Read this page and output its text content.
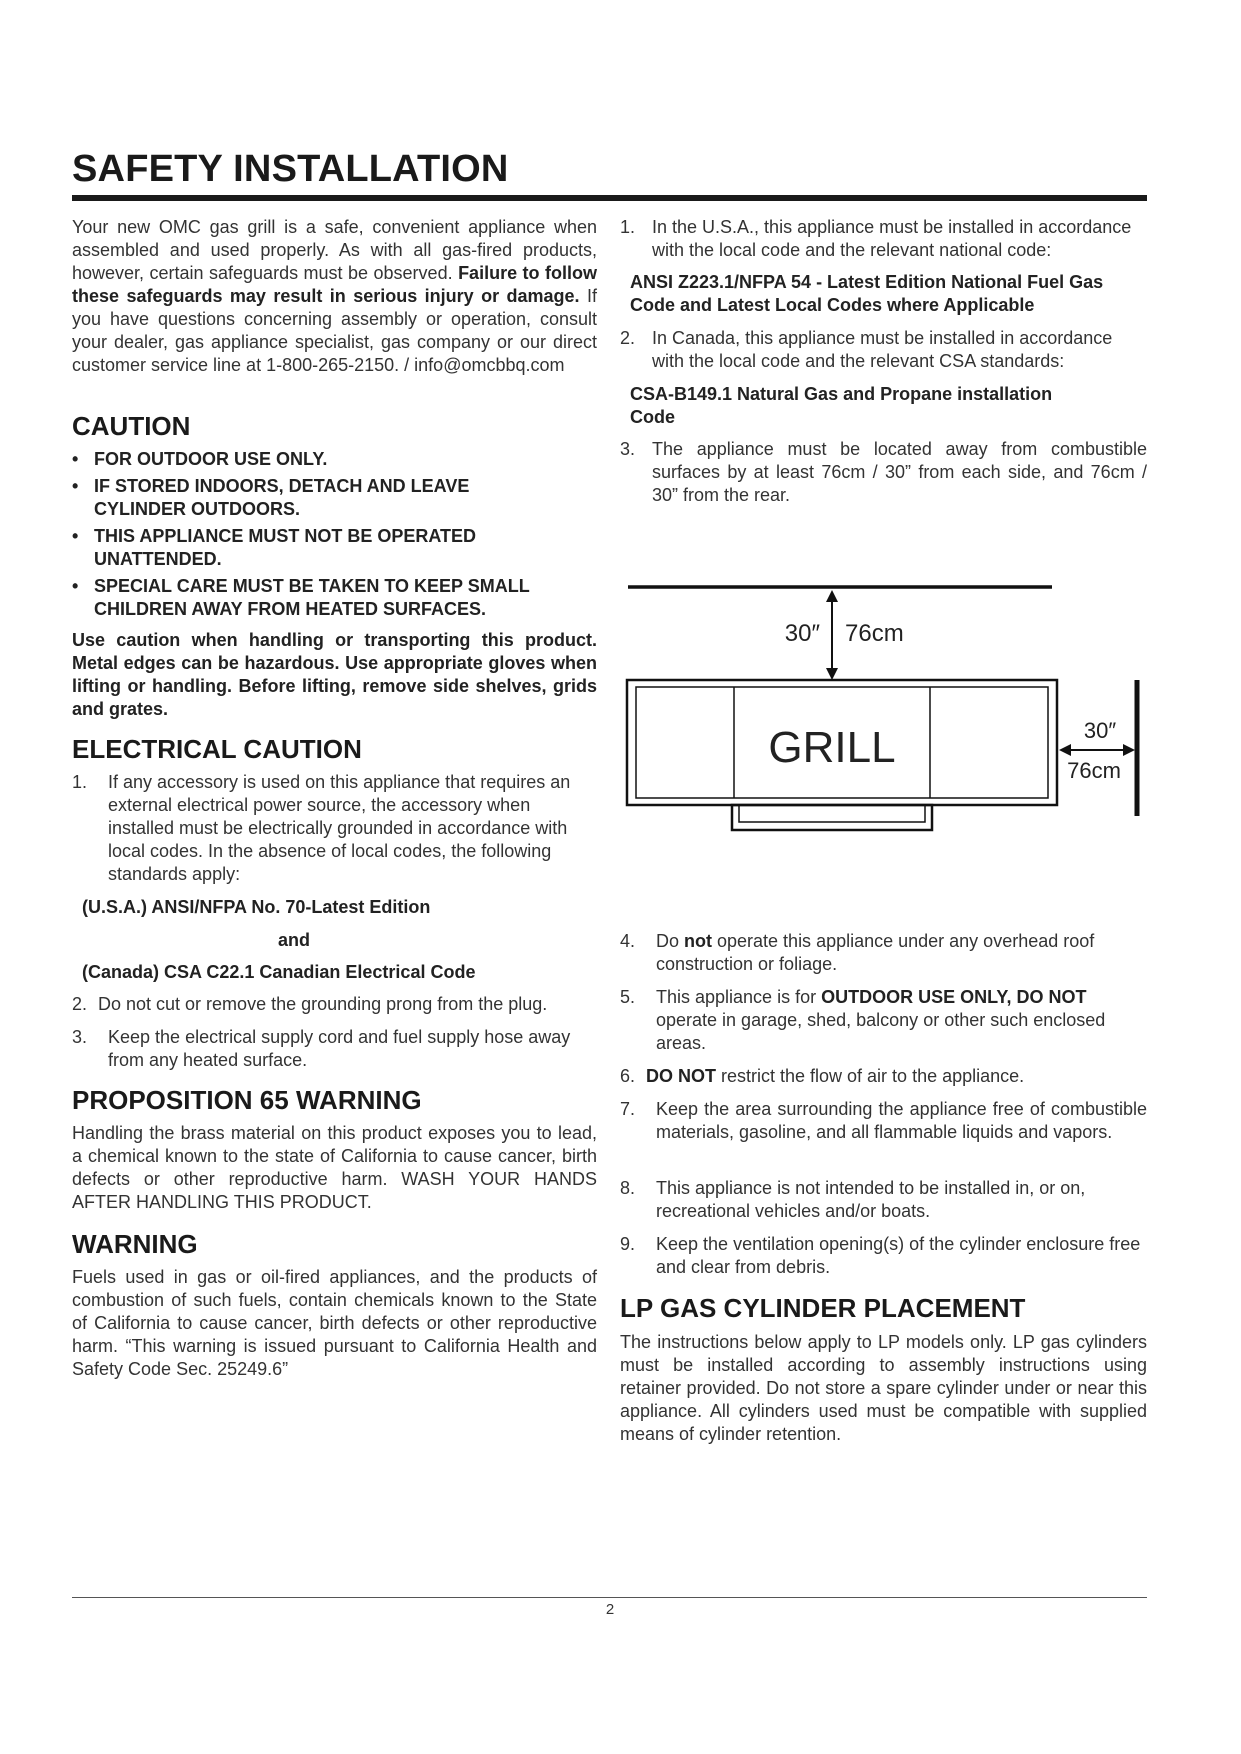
SAFETY INSTALLATION
Your new OMC gas grill is a safe, convenient appliance when assembled and used properly. As with all gas-fired products, however, certain safeguards must be observed. Failure to follow these safeguards may result in serious injury or damage. If you have questions concerning assembly or operation, consult your dealer, gas appliance specialist, gas company or our direct customer service line at 1-800-265-2150. / info@omcbbq.com
CAUTION
• FOR OUTDOOR USE ONLY.
• IF STORED INDOORS, DETACH AND LEAVE CYLINDER OUTDOORS.
• THIS APPLIANCE MUST NOT BE OPERATED UNATTENDED.
• SPECIAL CARE MUST BE TAKEN TO KEEP SMALL CHILDREN AWAY FROM HEATED SURFACES.
Use caution when handling or transporting this product. Metal edges can be hazardous. Use appropriate gloves when lifting or handling. Before lifting, remove side shelves, grids and grates.
ELECTRICAL CAUTION
1. If any accessory is used on this appliance that requires an external electrical power source, the accessory when installed must be electrically grounded in accordance with local codes. In the absence of local codes, the following standards apply:
(U.S.A.) ANSI/NFPA No. 70-Latest Edition
and
(Canada) CSA C22.1 Canadian Electrical Code
2. Do not cut or remove the grounding prong from the plug.
3. Keep the electrical supply cord and fuel supply hose away from any heated surface.
PROPOSITION 65 WARNING
Handling the brass material on this product exposes you to lead, a chemical known to the state of California to cause cancer, birth defects or other reproductive harm. WASH YOUR HANDS AFTER HANDLING THIS PRODUCT.
WARNING
Fuels used in gas or oil-fired appliances, and the products of combustion of such fuels, contain chemicals known to the State of California to cause cancer, birth defects or other reproductive harm. “This warning is issued pursuant to California Health and Safety Code Sec. 25249.6”
1. In the U.S.A., this appliance must be installed in accordance with the local code and the relevant national code:
ANSI Z223.1/NFPA 54 - Latest Edition National Fuel Gas Code and Latest Local Codes where Applicable
2. In Canada, this appliance must be installed in accordance with the local code and the relevant CSA standards:
CSA-B149.1 Natural Gas and Propane installation Code
3. The appliance must be located away from combustible surfaces by at least 76cm / 30” from each side, and 76cm / 30” from the rear.
30″ 76cm
GRILL	30″
76cm
4. Do not operate this appliance under any overhead roof construction or foliage.
5. This appliance is for OUTDOOR USE ONLY, DO NOT operate in garage, shed, balcony or other such enclosed areas.
6. DO NOT restrict the flow of air to the appliance.
7. Keep the area surrounding the appliance free of combustible materials, gasoline, and all flammable liquids and vapors.
8. This appliance is not intended to be installed in, or on, recreational vehicles and/or boats.
9. Keep the ventilation opening(s) of the cylinder enclosure free and clear from debris.
LP GAS CYLINDER PLACEMENT
The instructions below apply to LP models only. LP gas cylinders must be installed according to assembly instructions using retainer provided. Do not store a spare cylinder under or near this appliance. All cylinders used must be compatible with supplied means of cylinder retention.
2
